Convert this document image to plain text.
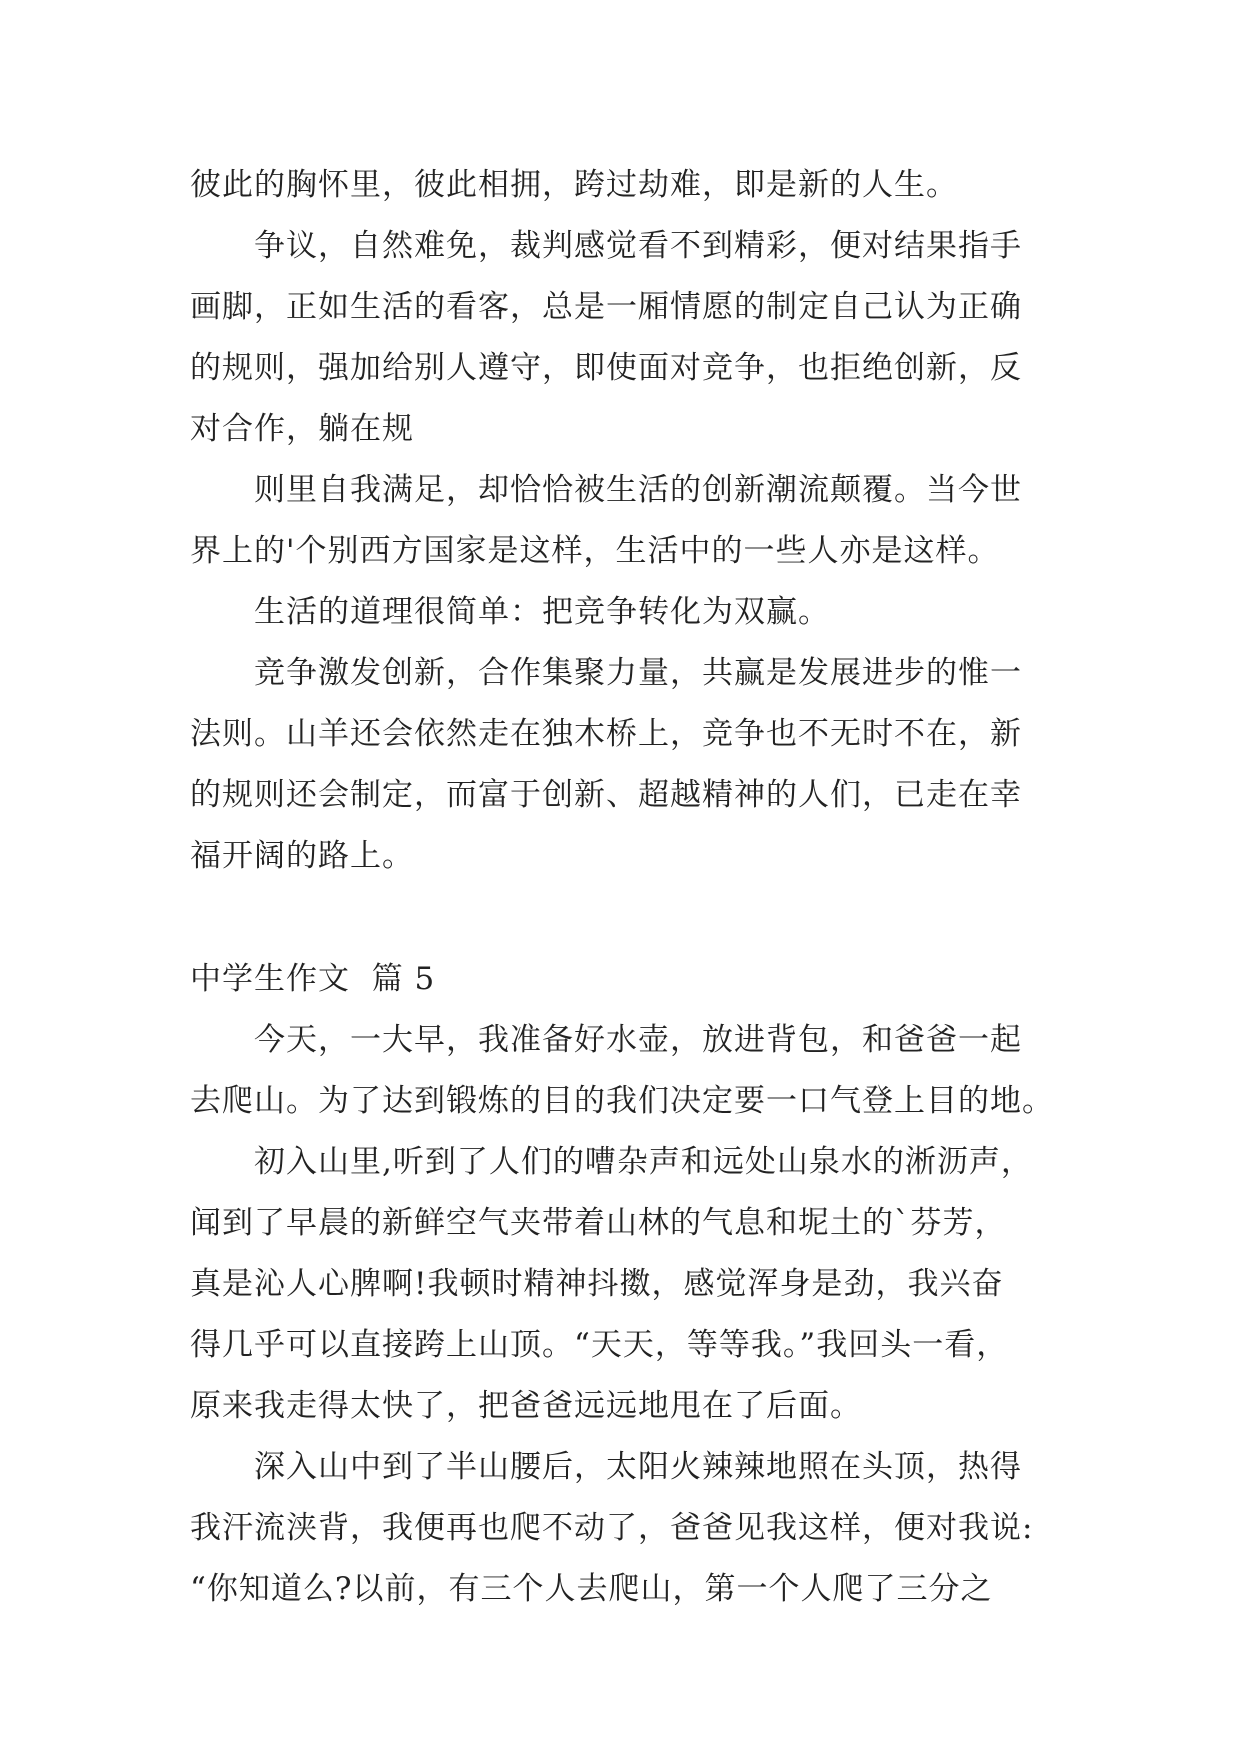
彼此的胸怀里，彼此相拥，跨过劫难，即是新的人生。
争议，自然难免，裁判感觉看不到精彩，便对结果指手
画脚，正如生活的看客，总是一厢情愿的制定自己认为正确
的规则，强加给别人遵守，即使面对竞争，也拒绝创新，反
对合作，躺在规
则里自我满足，却恰恰被生活的创新潮流颠覆。当今世
界上的'个别西方国家是这样，生活中的一些人亦是这样。
生活的道理很简单：把竞争转化为双赢。
竞争激发创新，合作集聚力量，共赢是发展进步的惟一
法则。山羊还会依然走在独木桥上，竞争也不无时不在，新
的规则还会制定，而富于创新、超越精神的人们，已走在幸
福开阔的路上。
中学生作文  篇 5
今天，一大早，我准备好水壶，放进背包，和爸爸一起
去爬山。为了达到锻炼的目的我们决定要一口气登上目的地。
初入山里,听到了人们的嘈杂声和远处山泉水的淅沥声，
闻到了早晨的新鲜空气夹带着山林的气息和坭土的`芬芳，
真是沁人心脾啊!我顿时精神抖擞，感觉浑身是劲，我兴奋
得几乎可以直接跨上山顶。“天天，等等我。”我回头一看，
原来我走得太快了，把爸爸远远地甩在了后面。
深入山中到了半山腰后，太阳火辣辣地照在头顶，热得
我汗流浃背，我便再也爬不动了，爸爸见我这样，便对我说:
“你知道么?以前，有三个人去爬山，第一个人爬了三分之
